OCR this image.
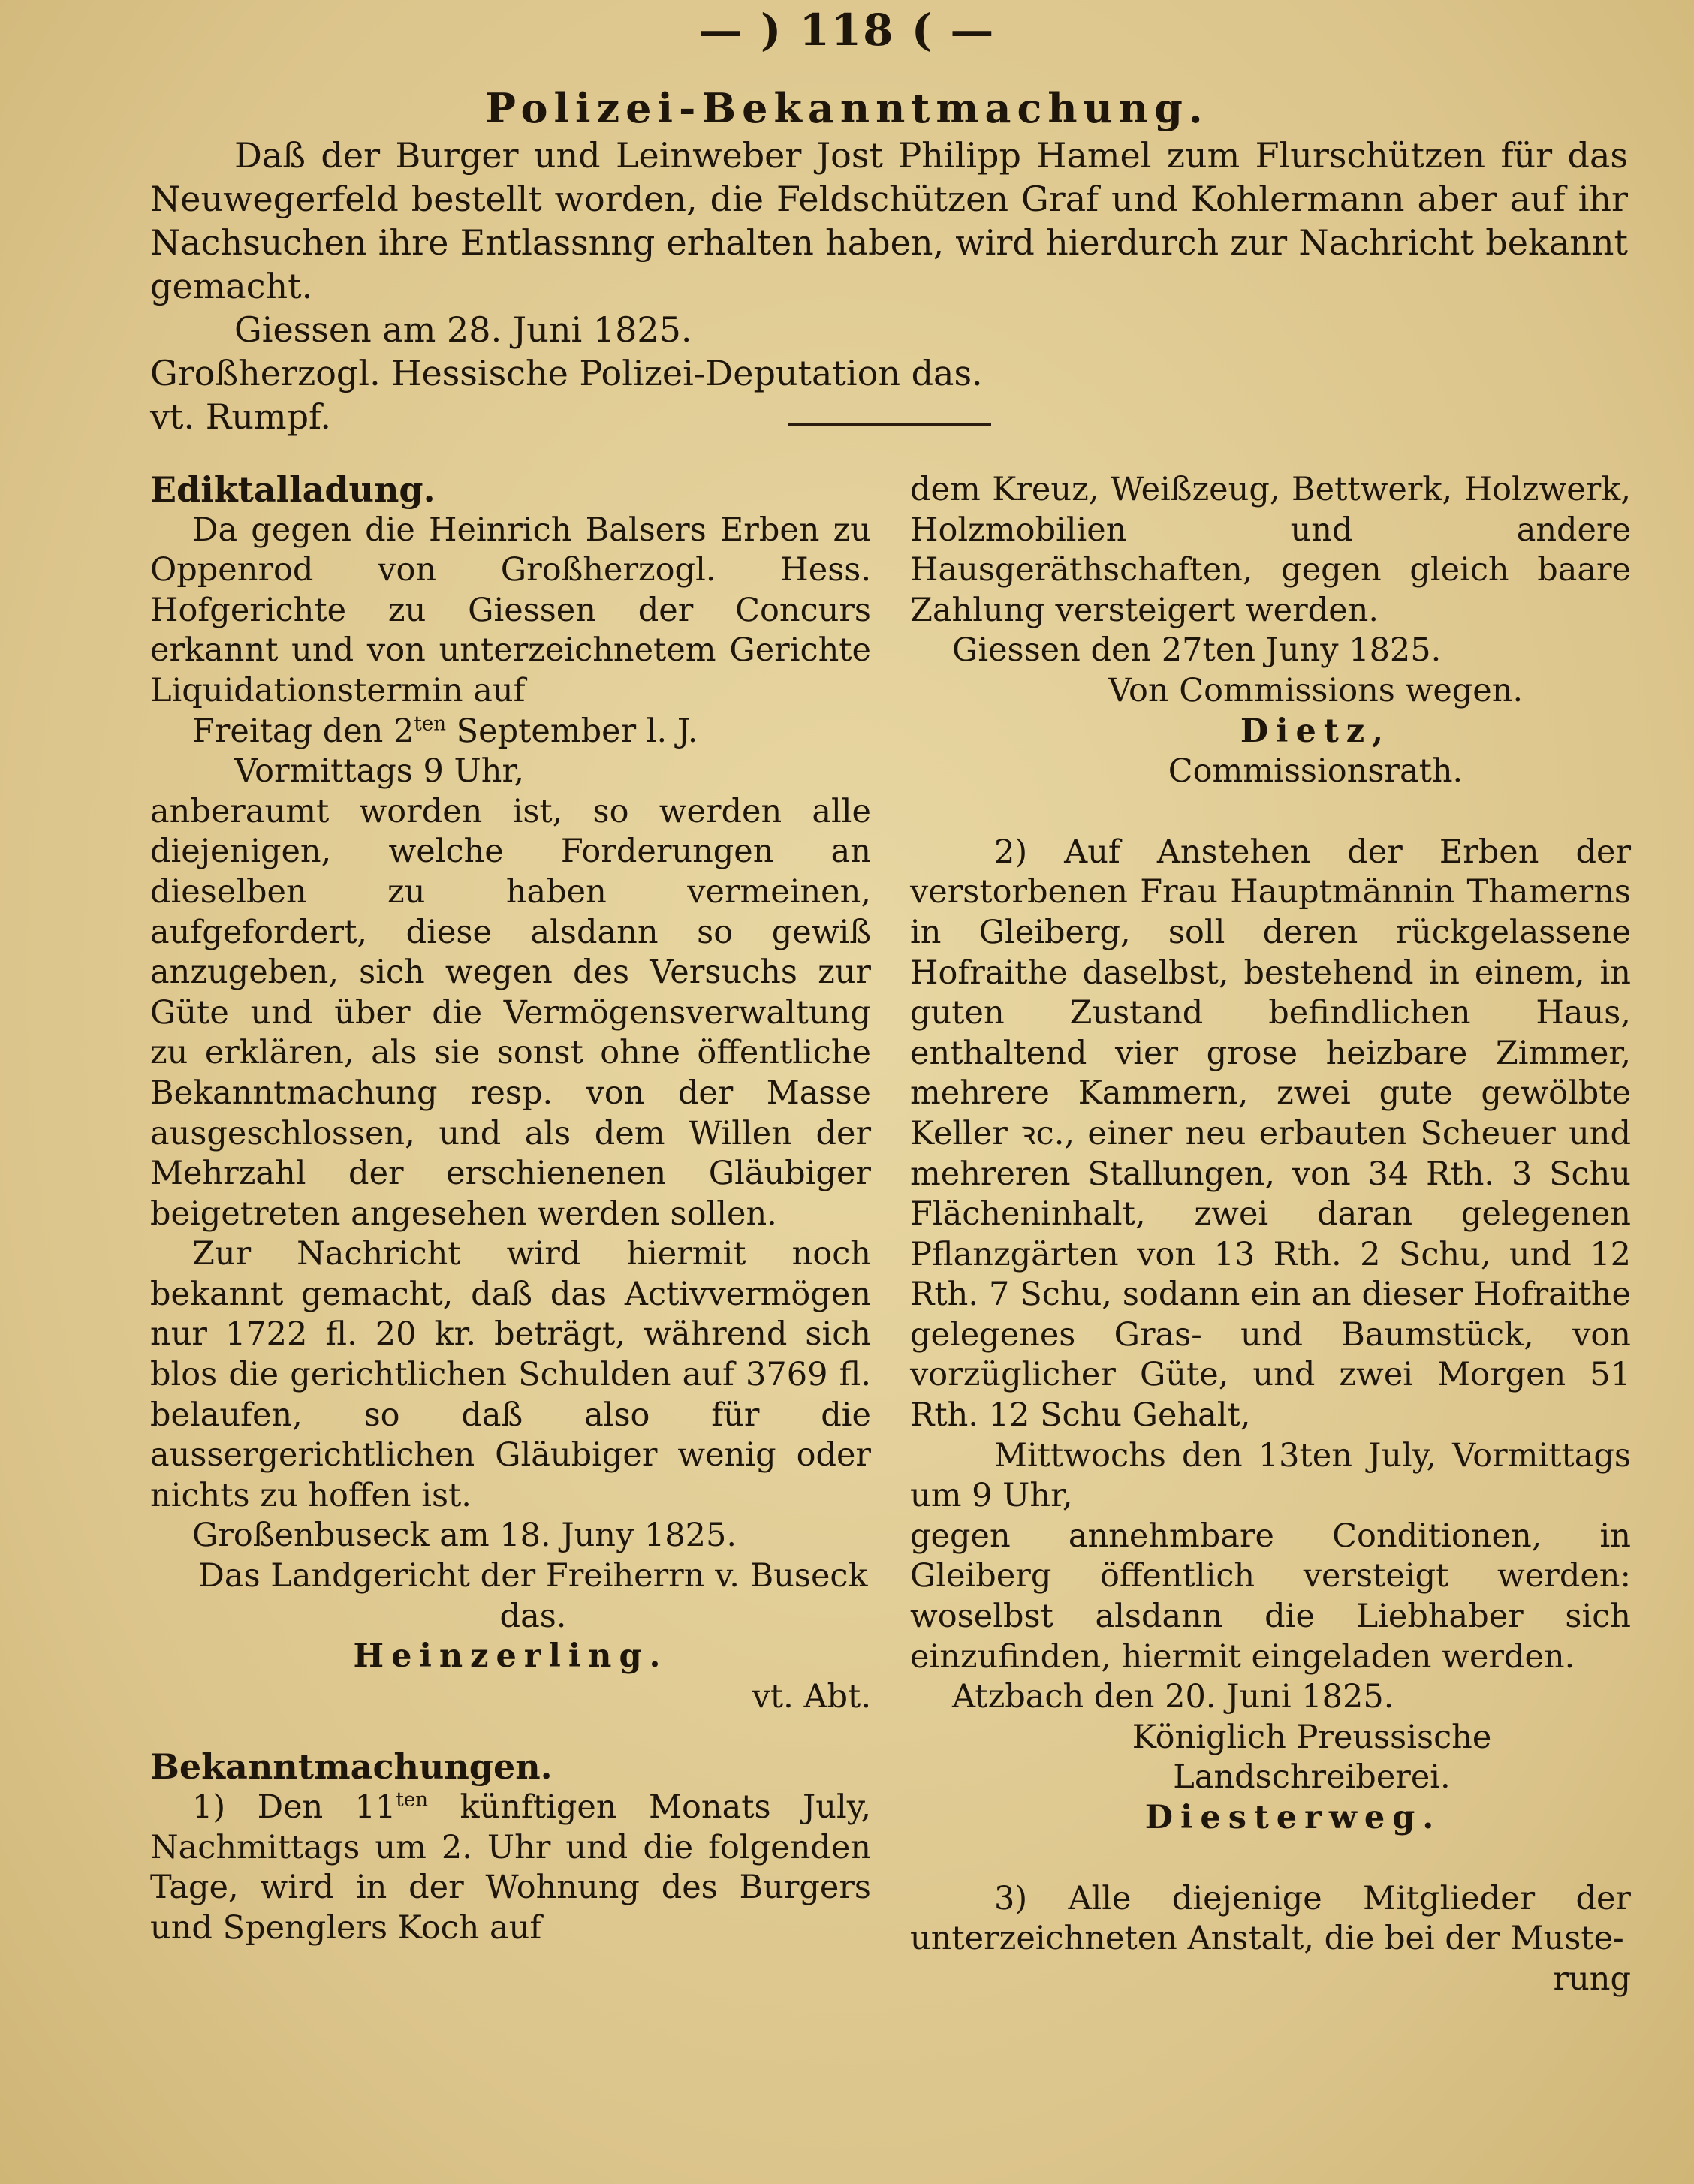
— ) 118 ( —
Polizei-Bekanntmachung.

Daß der Burger und Leinweber Jost Philipp Hamel zum Flurschützen für das Neuwegerfeld bestellt worden, die Feldschützen Graf und Kohlermann aber auf ihr Nachsuchen ihre Entlassnng erhalten haben, wird hierdurch zur Nachricht bekannt gemacht.

Giessen am 28. Juni 1825.

Großherzogl. Hessische Polizei-Deputation das.

vt. Rumpf.

Ediktalladung.

Da gegen die Heinrich Balsers Erben zu Oppenrod von Großherzogl. Hess. Hofgerichte zu Giessen der Concurs erkannt und von unterzeichnetem Gerichte Liquidationstermin auf

Freitag den $2^{ten}$ September l. J.

Vormittags 9 Uhr,

anberaumt worden ist, so werden alle diejenigen, welche Forderungen an dieselben zu haben vermeinen, aufgefordert, diese alsdann so gewiß anzugeben, sich wegen des Versuchs zur Güte und über die Vermögensverwaltung zu erklären, als sie sonst ohne öffentliche Bekanntmachung resp. von der Masse ausgeschlossen, und als dem Willen der Mehrzahl der erschienenen Gläubiger beigetreten angesehen werden sollen.

Zur Nachricht wird hiermit noch bekannt gemacht, daß das Activvermögen nur 1722 fl. 20 kr. beträgt, während sich blos die gerichtlichen Schulden auf 3769 fl. belaufen, so daß also für die aussergerichtlichen Gläubiger wenig oder nichts zu hoffen ist.

Großenbuseck am 18. Juny 1825.

Das Landgericht der Freiherrn v. Buseck das.

Heinzerling.

vt. Abt.

Bekanntmachungen.

1) Den $11^{ten}$ künftigen Monats July, Nachmittags um 2. Uhr und die folgenden Tage, wird in der Wohnung des Burgers und Spenglers Koch auf

dem Kreuz, Weißzeug, Bettwerk, Holzwerk, Holzmobilien und andere Hausgeräthschaften, gegen gleich baare Zahlung versteigert werden.

Giessen den 27ten Juny 1825.

Von Commissions wegen.

Dietz,

Commissionsrath.

2) Auf Anstehen der Erben der verstorbenen Frau Hauptmännin Thamerns in Gleiberg, soll deren rückgelassene Hofraithe daselbst, bestehend in einem, in guten Zustand befindlichen Haus, enthaltend vier grose heizbare Zimmer, mehrere Kammern, zwei gute gewölbte Keller ꝛc., einer neu erbauten Scheuer und mehreren Stallungen, von 34 Rth. 3 Schu Flächeninhalt, zwei daran gelegenen Pflanzgärten von 13 Rth. 2 Schu, und 12 Rth. 7 Schu, sodann ein an dieser Hofraithe gelegenes Gras- und Baumstück, von vorzüglicher Güte, und zwei Morgen 51 Rth. 12 Schu Gehalt,

Mittwochs den 13ten July, Vormittags um 9 Uhr,

gegen annehmbare Conditionen, in Gleiberg öffentlich versteigt werden: woselbst alsdann die Liebhaber sich einzufinden, hiermit eingeladen werden.

Atzbach den 20. Juni 1825.

Königlich Preussische Landschreiberei.

Diesterweg.

3) Alle diejenige Mitglieder der unterzeichneten Anstalt, die bei der Muste-

rung
